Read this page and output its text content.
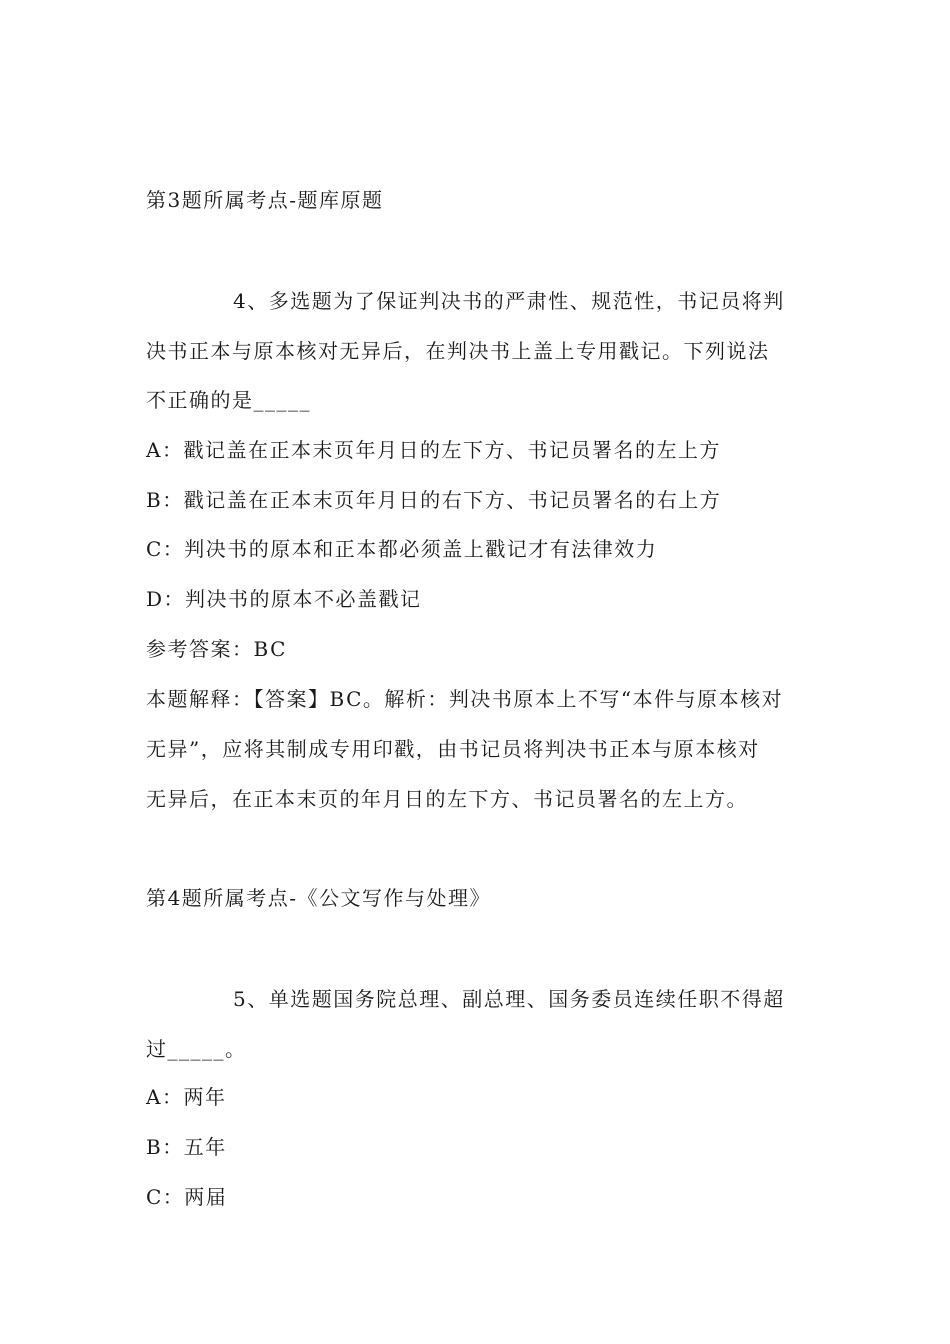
第3题所属考点-题库原题
4、多选题为了保证判决书的严肃性、规范性，书记员将判
决书正本与原本核对无异后，在判决书上盖上专用戳记。下列说法
不正确的是_____
A：戳记盖在正本末页年月日的左下方、书记员署名的左上方
B：戳记盖在正本末页年月日的右下方、书记员署名的右上方
C：判决书的原本和正本都必须盖上戳记才有法律效力
D：判决书的原本不必盖戳记
参考答案：BC
本题解释：【答案】BC。解析：判决书原本上不写“本件与原本核对
无异”，应将其制成专用印戳，由书记员将判决书正本与原本核对
无异后，在正本末页的年月日的左下方、书记员署名的左上方。
第4题所属考点-《公文写作与处理》
5、单选题国务院总理、副总理、国务委员连续任职不得超
过_____。
A：两年
B：五年
C：两届
